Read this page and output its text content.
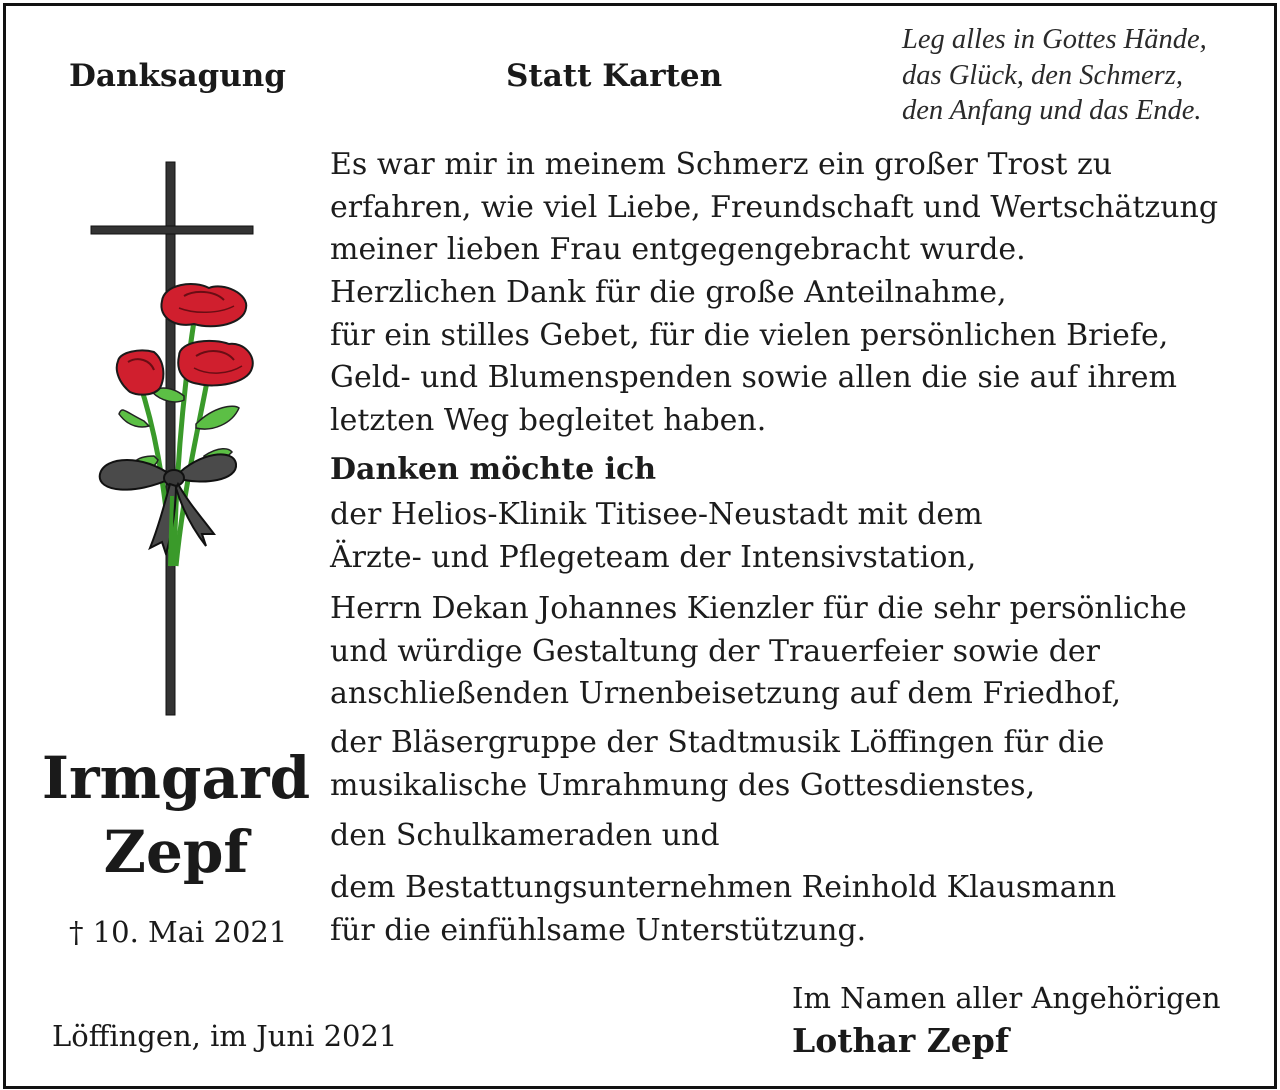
Danksagung	Statt Karten
Leg alles in Gottes Hände,
das Glück, den Schmerz,
den Anfang und das Ende.
Es war mir in meinem Schmerz ein großer Trost zu
erfahren, wie viel Liebe, Freundschaft und Wertschätzung
meiner lieben Frau entgegengebracht wurde.
Herzlichen Dank für die große Anteilnahme,
für ein stilles Gebet, für die vielen persönlichen Briefe,
Geld- und Blumenspenden sowie allen die sie auf ihrem
letzten Weg begleitet haben.
Danken möchte ich
der Helios-Klinik Titisee-Neustadt mit dem
Ärzte- und Pflegeteam der Intensivstation,
Herrn Dekan Johannes Kienzler für die sehr persönliche
und würdige Gestaltung der Trauerfeier sowie der
anschließenden Urnenbeisetzung auf dem Friedhof,
der Bläsergruppe der Stadtmusik Löffingen für die
musikalische Umrahmung des Gottesdienstes,
den Schulkameraden und
dem Bestattungsunternehmen Reinhold Klausmann
für die einfühlsame Unterstützung.
Irmgard
Zepf
† 10. Mai 2021
Im Namen aller Angehörigen
Lothar Zepf
Löffingen, im Juni 2021
